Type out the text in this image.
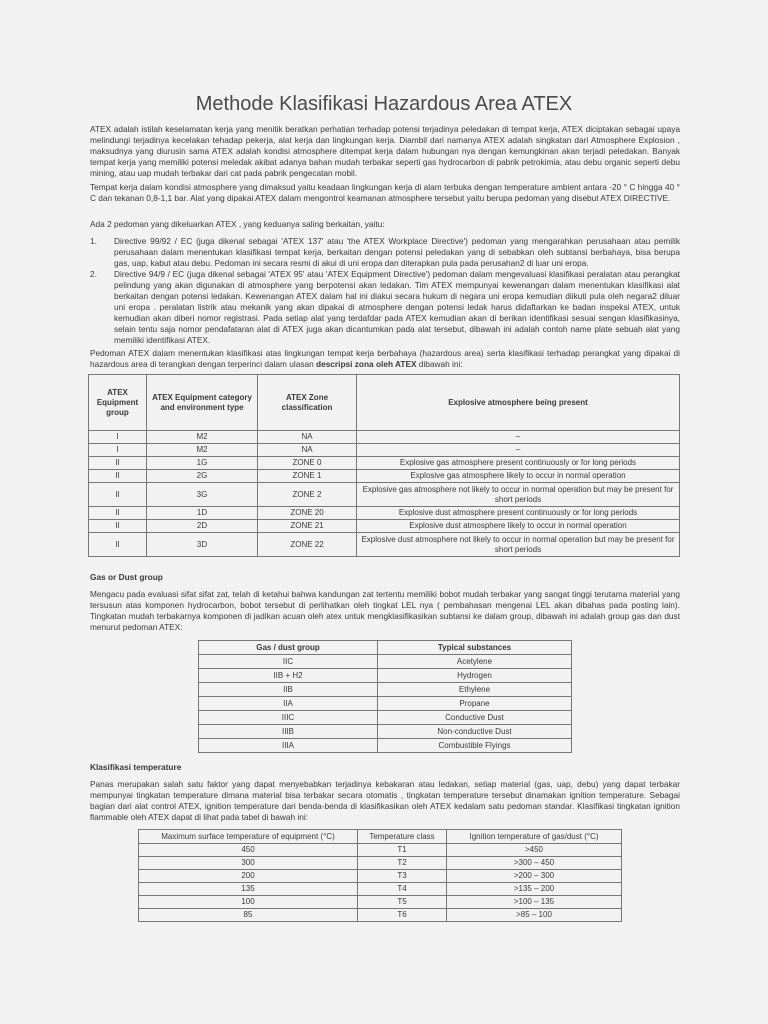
Methode Klasifikasi Hazardous Area ATEX

ATEX adalah istilah keselamatan kerja yang menitik beratkan perhatian terhadap potensi terjadinya peledakan di tempat kerja, ATEX diciptakan sebagai upaya melindungi terjadinya kecelakan tehadap pekerja, alat kerja dan lingkungan kerja. Diambil dari namanya ATEX adalah singkatan dari Atmosphere Explosion , maksudnya yang diurusin sama ATEX adalah kondisi atmosphere ditempat kerja dalam hubungan nya dengan kemungkinan akan terjadi peledakan. Banyak tempat kerja yang memiliki potensi meledak akibat adanya bahan mudah terbakar seperti gas hydrocarbon di pabrik petrokimia, atau debu organic seperti debu mining, atau uap mudah terbakar dari cat pada pabrik pengecatan mobil.

Tempat kerja dalam kondisi atmosphere yang dimaksud yaitu keadaan lingkungan kerja di alam terbuka dengan temperature ambient antara -20 ° C hingga 40 ° C dan tekanan 0,8-1,1 bar. Alat yang dipakai ATEX dalam mengontrol keamanan atmosphere tersebut yaitu berupa pedoman yang disebut ATEX DIRECTIVE.

Ada 2 pedoman yang dikeluarkan ATEX , yang keduanya saling berkaitan, yaitu:

1. Directive 99/92 / EC (juga dikenal sebagai 'ATEX 137' atau 'the ATEX Workplace Directive') pedoman yang mengarahkan perusahaan atau pemilik perusahaan dalam menentukan klasifikasi tempat kerja, berkaitan dengan potensi peledakan yang di sebabkan oleh subtansi berbahaya, bisa berupa gas, uap, kabut atau debu. Pedoman ini secara resmi di akui di uni eropa dan diterapkan pula pada perusahan2 di luar uni eropa.
2. Directive 94/9 / EC (juga dikenal sebagai 'ATEX 95' atau 'ATEX Equipment Directive') pedoman dalam mengevaluasi klasifikasi peralatan atau perangkat pelindung yang akan digunakan di atmosphere yang berpotensi akan ledakan. Tim ATEX mempunyai kewenangan dalam menentukan klasifikasi alat berkaitan dengan potensi ledakan. Kewenangan ATEX dalam hal ini diakui secara hukum di negara uni eropa kemudian diikuti pula oleh negara2 diluar uni eropa . peralatan listrik atau mekanik yang akan dipakai di atmosphere dengan potensi ledak harus didaftarkan ke badan inspeksi ATEX, untuk kemudian akan diberi nomor registrasi. Pada setiap alat yang terdafdar pada ATEX kemudian akan di berikan identifikasi sesuai sengan klasifikasinya, selain tentu saja nomor pendafataran alat di ATEX juga akan dicantumkan pada alat tersebut, dibawah ini adalah contoh name plate sebuah alat yang memiliki identifikasi ATEX.

Pedoman ATEX dalam menentukan klasifikasi atas lingkungan tempat kerja berbahaya (hazardous area) serta klasifikasi terhadap perangkat yang dipakai di hazardous area di terangkan dengan terperinci dalam ulasan descripsi zona oleh ATEX dibawah ini:

ATEX Equipment group	ATEX Equipment category and environment type	ATEX Zone classification	Explosive atmosphere being present
I	M2	NA	–
I	M2	NA	–
II	1G	ZONE 0	Explosive gas atmosphere present continuously or for long periods
II	2G	ZONE 1	Explosive gas atmosphere likely to occur in normal operation
II	3G	ZONE 2	Explosive gas atmosphere not likely to occur in normal operation but may be present for short periods
II	1D	ZONE 20	Explosive dust atmosphere present continuously or for long periods
II	2D	ZONE 21	Explosive dust atmosphere likely to occur in normal operation
II	3D	ZONE 22	Explosive dust atmosphere not likely to occur in normal operation but may be present for short periods
Gas or Dust group

Mengacu pada evaluasi sifat sifat zat, telah di ketahui bahwa kandungan zat tertentu memiliki bobot mudah terbakar yang sangat tinggi terutama material yang tersusun atas komponen hydrocarbon, bobot tersebut di perlihatkan oleh tingkat LEL nya ( pembahasan mengenai LEL akan dibahas pada posting lain). Tingkatan mudah terbakarnya komponen di jadikan acuan oleh atex untuk mengklasifikasikan subtansi ke dalam group, dibawah ini adalah group gas dan dust menurut pedoman ATEX:

Gas / dust group	Typical substances
IIC	Acetylene
IIB + H2	Hydrogen
IIB	Ethylene
IIA	Propane
IIIC	Conductive Dust
IIIB	Non-conductive Dust
IIIA	Combustible Flyings
Klasifikasi temperature

Panas merupakan salah satu faktor yang dapat menyebabkan terjadinya kebakaran atau ledakan, setiap material (gas, uap, debu) yang dapat terbakar mempunyai tingkatan temperature dimana material bisa terbakar secara otomatis , tingkatan temperature tersebut dinamakan ignition temperature. Sebagai bagian dari alat control ATEX, ignition temperature dari benda-benda di klasifikasikan oleh ATEX kedalam satu pedoman standar. Klasifikasi tingkatan ignition flammable oleh ATEX dapat di lihat pada tabel di bawah ini:

Maximum surface temperature of equipment (°C)	Temperature class	Ignition temperature of gas/dust (°C)
450	T1	>450
300	T2	>300 – 450
200	T3	>200 – 300
135	T4	>135 – 200
100	T5	>100 – 135
85	T6	>85 – 100
